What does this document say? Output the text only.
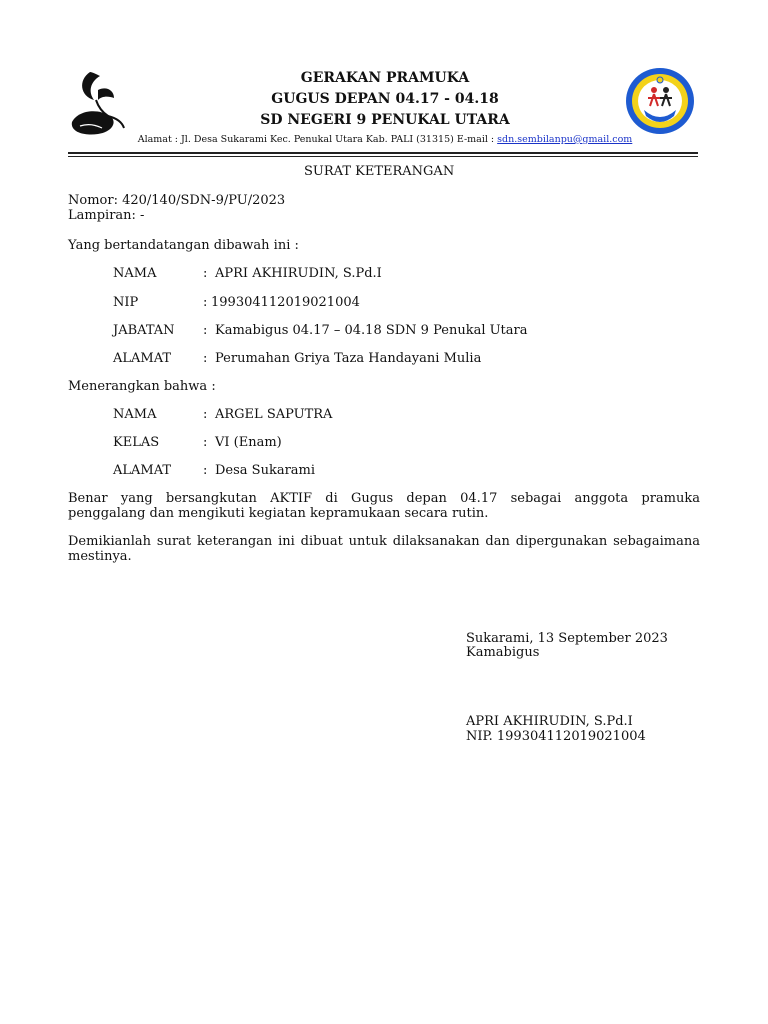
GERAKAN PRAMUKA
GUGUS DEPAN 04.17 - 04.18
SD NEGERI 9 PENUKAL UTARA
Alamat : Jl. Desa Sukarami Kec. Penukal Utara Kab. PALI (31315) E-mail : sdn.sembilanpu@gmail.com
SURAT KETERANGAN
Nomor: 420/140/SDN-9/PU/2023
Lampiran: -
Yang bertandatangan dibawah ini :
NAMA	: APRI AKHIRUDIN, S.Pd.I
NIP	: 199304112019021004
JABATAN : Kamabigus 04.17 – 04.18 SDN 9 Penukal Utara
ALAMAT : Perumahan Griya Taza Handayani Mulia
Menerangkan bahwa :
NAMA	: ARGEL SAPUTRA
KELAS	: VI (Enam)
ALAMAT : Desa Sukarami
Benar yang bersangkutan AKTIF di Gugus depan 04.17 sebagai anggota pramuka
penggalang dan mengikuti kegiatan kepramukaan secara rutin.
Demikianlah surat keterangan ini dibuat untuk dilaksanakan dan dipergunakan sebagaimana
mestinya.
Sukarami, 13 September 2023
Kamabigus
APRI AKHIRUDIN, S.Pd.I
NIP. 199304112019021004
